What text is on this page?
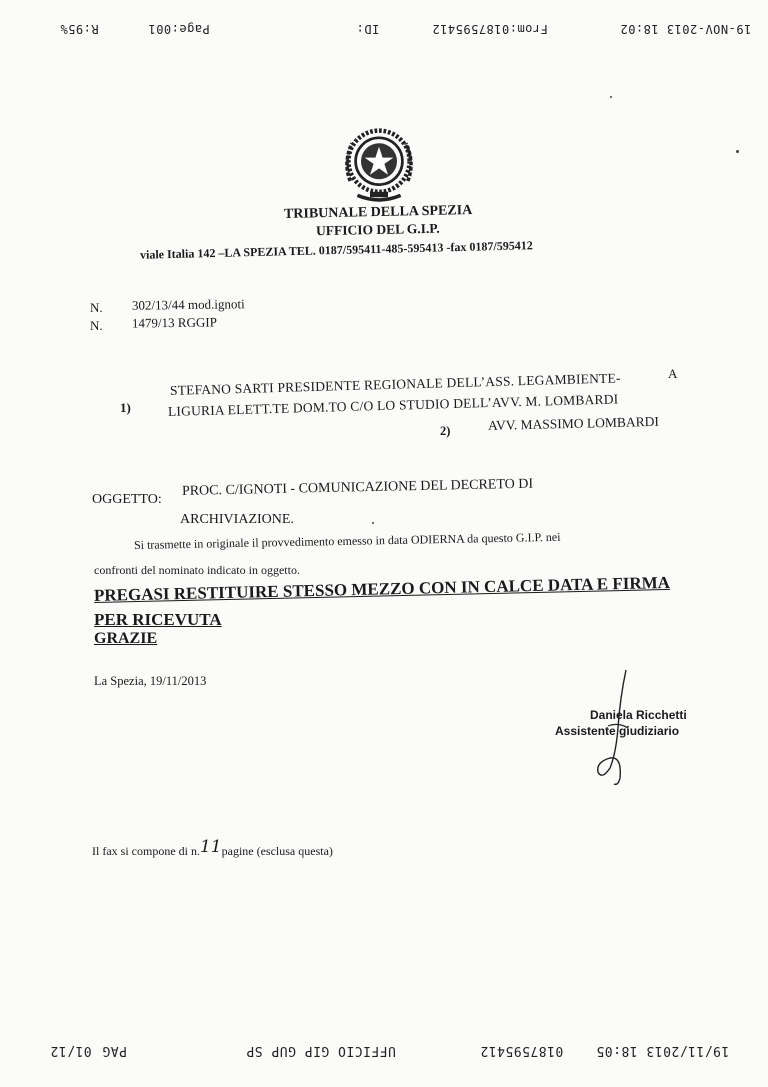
19-NOV-2013 18:02
From:0187595412
ID:
Page:001
R:95%
TRIBUNALE DELLA SPEZIA
UFFICIO DEL G.I.P.
viale Italia 142 –LA SPEZIA TEL. 0187/595411-485-595413 -fax 0187/595412
N. 302/13/44 mod.ignoti
N. 1479/13 RGGIP
A
1)
STEFANO SARTI PRESIDENTE REGIONALE DELL’ASS. LEGAMBIENTE-
LIGURIA ELETT.TE DOM.TO C/O LO STUDIO DELL’AVV. M. LOMBARDI
2)	AVV. MASSIMO LOMBARDI
OGGETTO:
PROC. C/IGNOTI - COMUNICAZIONE DEL DECRETO DI
ARCHIVIAZIONE.
Si trasmette in originale il provvedimento emesso in data ODIERNA da questo G.I.P. nei
confronti del nominato indicato in oggetto.
PREGASI RESTITUIRE STESSO MEZZO CON IN CALCE DATA E FIRMA
PER RICEVUTA
GRAZIE
La Spezia, 19/11/2013
Daniela Ricchetti
Assistente giudiziario
Il fax si compone di n.11pagine (esclusa questa)
19/11/2013 18:05
0187595412
UFFICIO GIP GUP SP
PAG
01/12
